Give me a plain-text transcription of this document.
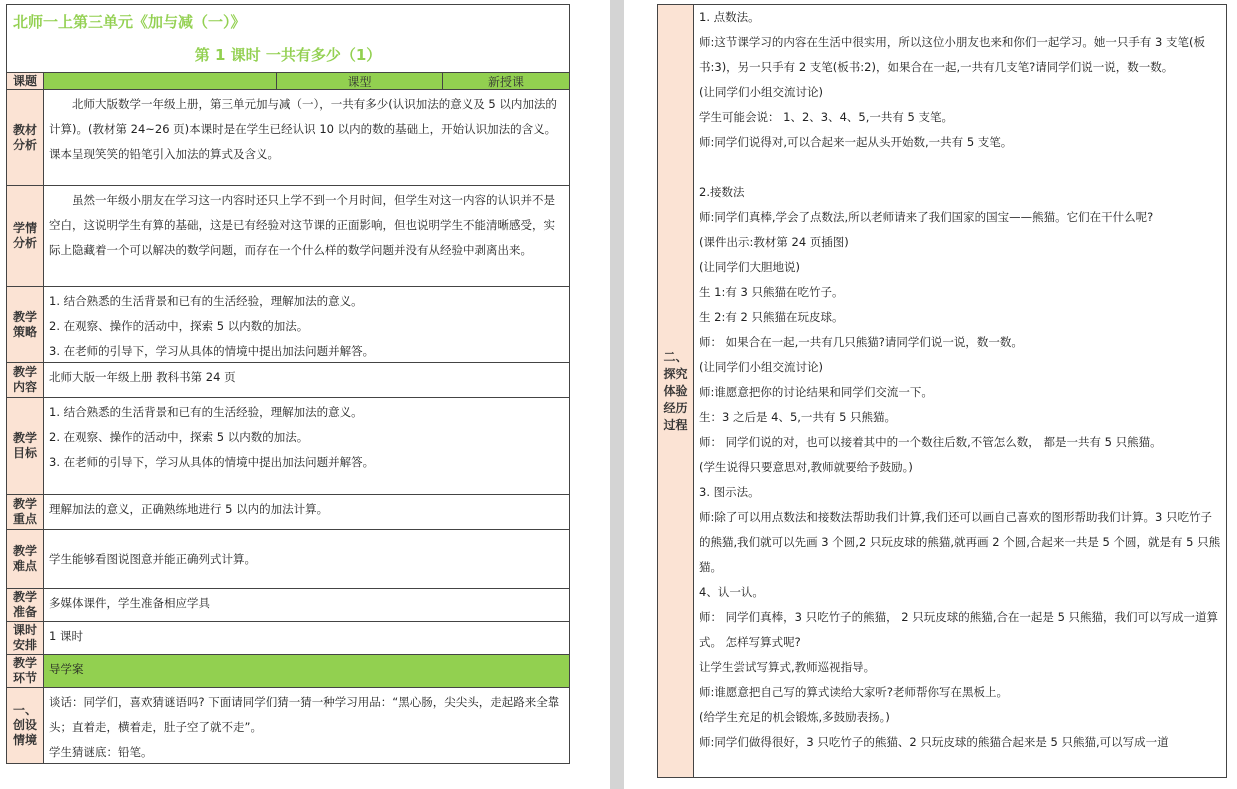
北师一上第三单元《加与减（一）》
第 1 课时 一共有多少（1）
课题	课型	新授课
教材分析
北师大版数学一年级上册，第三单元加与减（一），一共有多少(认识加法的意义及 5 以内加法的计算)。(教材第 24~26 页)本课时是在学生已经认识 10 以内的数的基础上，开始认识加法的含义。课本呈现笑笑的铅笔引入加法的算式及含义。
学情分析
虽然一年级小朋友在学习这一内容时还只上学不到一个月时间，但学生对这一内容的认识并不是空白，这说明学生有算的基础，这是已有经验对这节课的正面影响，但也说明学生不能清晰感受，实际上隐藏着一个可以解决的数学问题，而存在一个什么样的数学问题并没有从经验中剥离出来。
教学策略
1. 结合熟悉的生活背景和已有的生活经验，理解加法的意义。
2. 在观察、操作的活动中，探索 5 以内数的加法。
3. 在老师的引导下，学习从具体的情境中提出加法问题并解答。
教学内容
北师大版一年级上册 教科书第 24 页
教学目标
1. 结合熟悉的生活背景和已有的生活经验，理解加法的意义。
2. 在观察、操作的活动中，探索 5 以内数的加法。
3. 在老师的引导下，学习从具体的情境中提出加法问题并解答。
教学重点
理解加法的意义，正确熟练地进行 5 以内的加法计算。
教学难点
学生能够看图说图意并能正确列式计算。
教学准备
多媒体课件，学生准备相应学具
课时安排
1 课时
教学环节
导学案
一、创设情境
谈话：同学们，喜欢猜谜语吗? 下面请同学们猜一猜一种学习用品：“黑心肠，尖尖头，走起路来全靠头；直着走，横着走，肚子空了就不走”。
学生猜谜底：铅笔。
二、探究体验经历过程
1. 点数法。
师:这节课学习的内容在生活中很实用，所以这位小朋友也来和你们一起学习。她一只手有 3 支笔(板书:3)，另一只手有 2 支笔(板书:2)，如果合在一起,一共有几支笔?请同学们说一说，数一数。
(让同学们小组交流讨论)
学生可能会说： 1、2、3、4、5,一共有 5 支笔。
师:同学们说得对,可以合起来一起从头开始数,一共有 5 支笔。
2.接数法
师:同学们真棒,学会了点数法,所以老师请来了我们国家的国宝——熊猫。它们在干什么呢?
(课件出示:教材第 24 页插图)
(让同学们大胆地说)
生 1:有 3 只熊猫在吃竹子。
生 2:有 2 只熊猫在玩皮球。
师： 如果合在一起,一共有几只熊猫?请同学们说一说，数一数。
(让同学们小组交流讨论)
师:谁愿意把你的讨论结果和同学们交流一下。
生：3 之后是 4、5,一共有 5 只熊猫。
师： 同学们说的对，也可以接着其中的一个数往后数,不管怎么数， 都是一共有 5 只熊猫。
(学生说得只要意思对,教师就要给予鼓励。)
3. 图示法。
师:除了可以用点数法和接数法帮助我们计算,我们还可以画自己喜欢的图形帮助我们计算。3 只吃竹子的熊猫,我们就可以先画 3 个圆,2 只玩皮球的熊猫,就再画 2 个圆,合起来一共是 5 个圆，就是有 5 只熊猫。
4、认一认。
师： 同学们真棒，3 只吃竹子的熊猫， 2 只玩皮球的熊猫,合在一起是 5 只熊猫，我们可以写成一道算式。 怎样写算式呢?
让学生尝试写算式,教师巡视指导。
师:谁愿意把自己写的算式读给大家听?老师帮你写在黑板上。
(给学生充足的机会锻炼,多鼓励表扬。)
师:同学们做得很好，3 只吃竹子的熊猫、2 只玩皮球的熊猫合起来是 5 只熊猫,可以写成一道
